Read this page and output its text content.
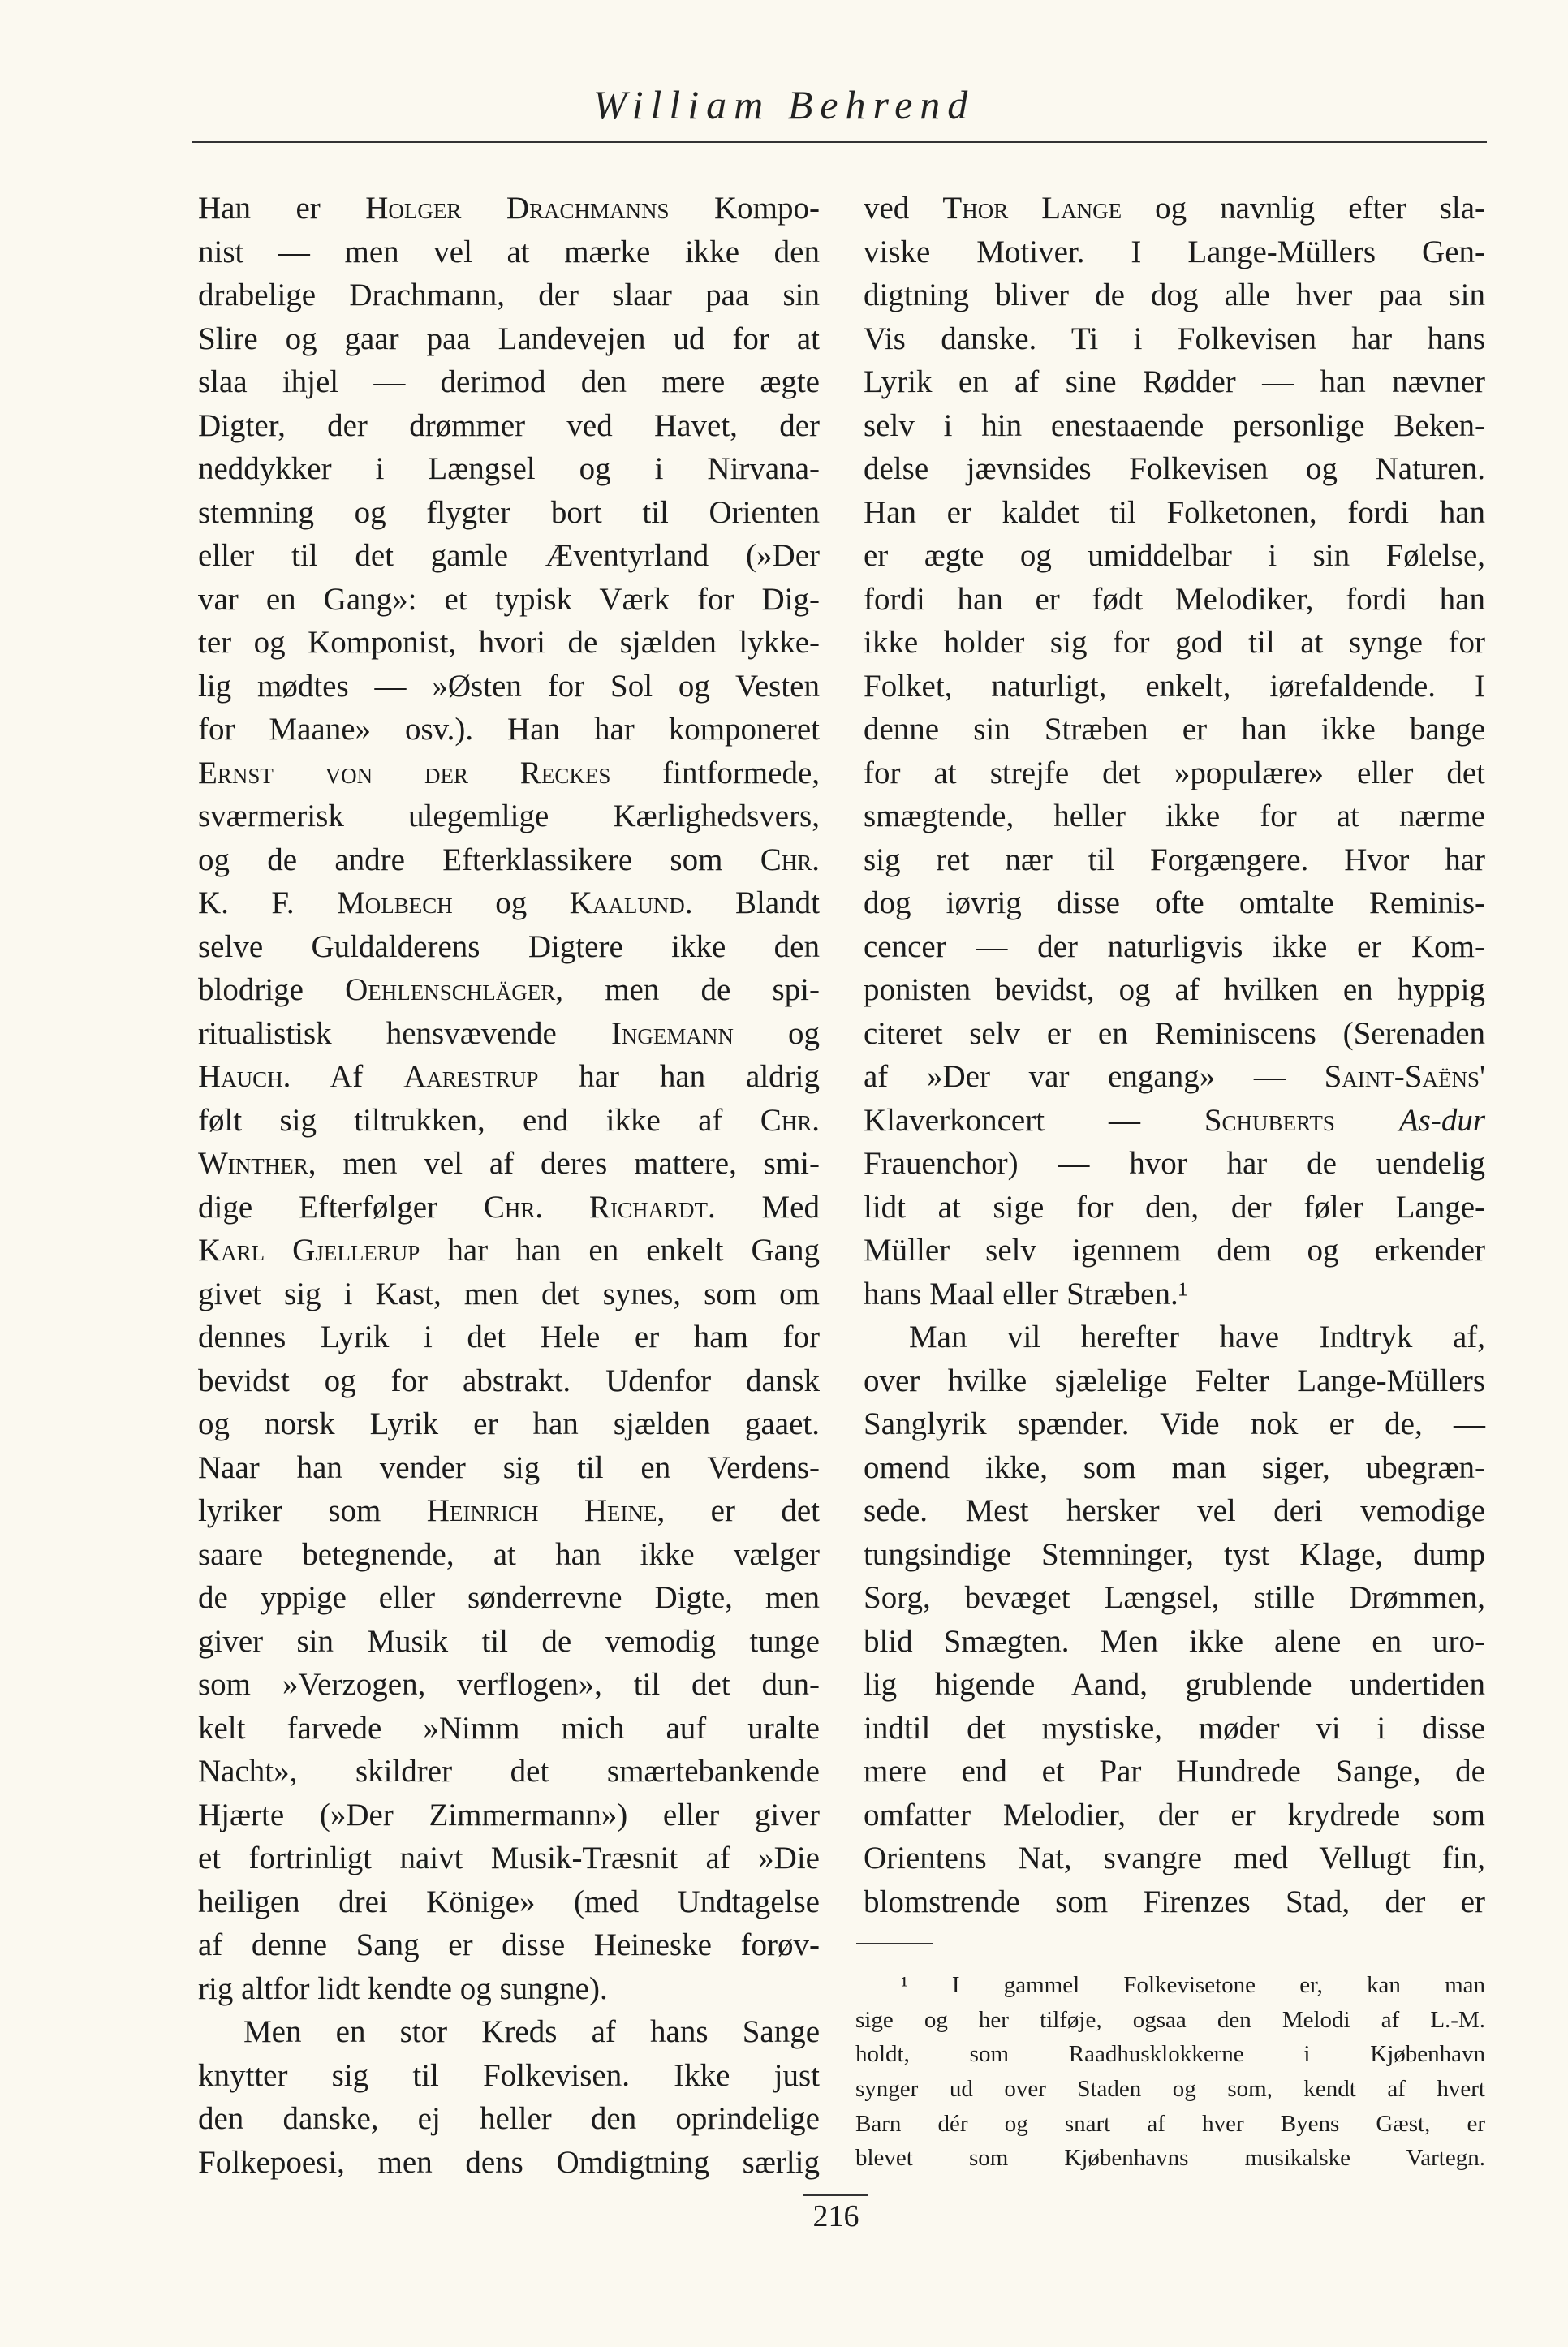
William Behrend
Han er Holger Drachmanns Kompo-
nist — men vel at mærke ikke den
drabelige Drachmann, der slaar paa sin
Slire og gaar paa Landevejen ud for at
slaa ihjel — derimod den mere ægte
Digter, der drømmer ved Havet, der
neddykker i Længsel og i Nirvana-
stemning og flygter bort til Orienten
eller til det gamle Æventyrland (»Der
var en Gang»: et typisk Værk for Dig-
ter og Komponist, hvori de sjælden lykke-
lig mødtes — »Østen for Sol og Vesten
for Maane» osv.). Han har komponeret
Ernst von der Reckes fintformede,
sværmerisk ulegemlige Kærlighedsvers,
og de andre Efterklassikere som Chr.
K. F. Molbech og Kaalund. Blandt
selve Guldalderens Digtere ikke den
blodrige Oehlenschläger, men de spi-
ritualistisk hensvævende Ingemann og
Hauch. Af Aarestrup har han aldrig
følt sig tiltrukken, end ikke af Chr.
Winther, men vel af deres mattere, smi-
dige Efterfølger Chr. Richardt. Med
Karl Gjellerup har han en enkelt Gang
givet sig i Kast, men det synes, som om
dennes Lyrik i det Hele er ham for
bevidst og for abstrakt. Udenfor dansk
og norsk Lyrik er han sjælden gaaet.
Naar han vender sig til en Verdens-
lyriker som Heinrich Heine, er det
saare betegnende, at han ikke vælger
de yppige eller sønderrevne Digte, men
giver sin Musik til de vemodig tunge
som »Verzogen, verflogen», til det dun-
kelt farvede »Nimm mich auf uralte
Nacht», skildrer det smærtebankende
Hjærte (»Der Zimmermann») eller giver
et fortrinligt naivt Musik-Træsnit af »Die
heiligen drei Könige» (med Undtagelse
af denne Sang er disse Heineske forøv-
rig altfor lidt kendte og sungne).
Men en stor Kreds af hans Sange
knytter sig til Folkevisen. Ikke just
den danske, ej heller den oprindelige
Folkepoesi, men dens Omdigtning særlig
ved Thor Lange og navnlig efter sla-
viske Motiver. I Lange-Müllers Gen-
digtning bliver de dog alle hver paa sin
Vis danske. Ti i Folkevisen har hans
Lyrik en af sine Rødder — han nævner
selv i hin enestaaende personlige Beken-
delse jævnsides Folkevisen og Naturen.
Han er kaldet til Folketonen, fordi han
er ægte og umiddelbar i sin Følelse,
fordi han er født Melodiker, fordi han
ikke holder sig for god til at synge for
Folket, naturligt, enkelt, iørefaldende. I
denne sin Stræben er han ikke bange
for at strejfe det »populære» eller det
smægtende, heller ikke for at nærme
sig ret nær til Forgængere. Hvor har
dog iøvrig disse ofte omtalte Reminis-
cencer — der naturligvis ikke er Kom-
ponisten bevidst, og af hvilken en hyppig
citeret selv er en Reminiscens (Serenaden
af »Der var engang» — Saint-Saëns'
Klaverkoncert — Schuberts As-dur
Frauenchor) — hvor har de uendelig
lidt at sige for den, der føler Lange-
Müller selv igennem dem og erkender
hans Maal eller Stræben.¹
Man vil herefter have Indtryk af,
over hvilke sjælelige Felter Lange-Müllers
Sanglyrik spænder. Vide nok er de, —
omend ikke, som man siger, ubegræn-
sede. Mest hersker vel deri vemodige
tungsindige Stemninger, tyst Klage, dump
Sorg, bevæget Længsel, stille Drømmen,
blid Smægten. Men ikke alene en uro-
lig higende Aand, grublende undertiden
indtil det mystiske, møder vi i disse
mere end et Par Hundrede Sange, de
omfatter Melodier, der er krydrede som
Orientens Nat, svangre med Vellugt fin,
blomstrende som Firenzes Stad, der er
¹ I gammel Folkevisetone er, kan man
sige og her tilføje, ogsaa den Melodi af L.-M.
holdt, som Raadhusklokkerne i Kjøbenhavn
synger ud over Staden og som, kendt af hvert
Barn dér og snart af hver Byens Gæst, er
blevet som Kjøbenhavns musikalske Vartegn.
216
